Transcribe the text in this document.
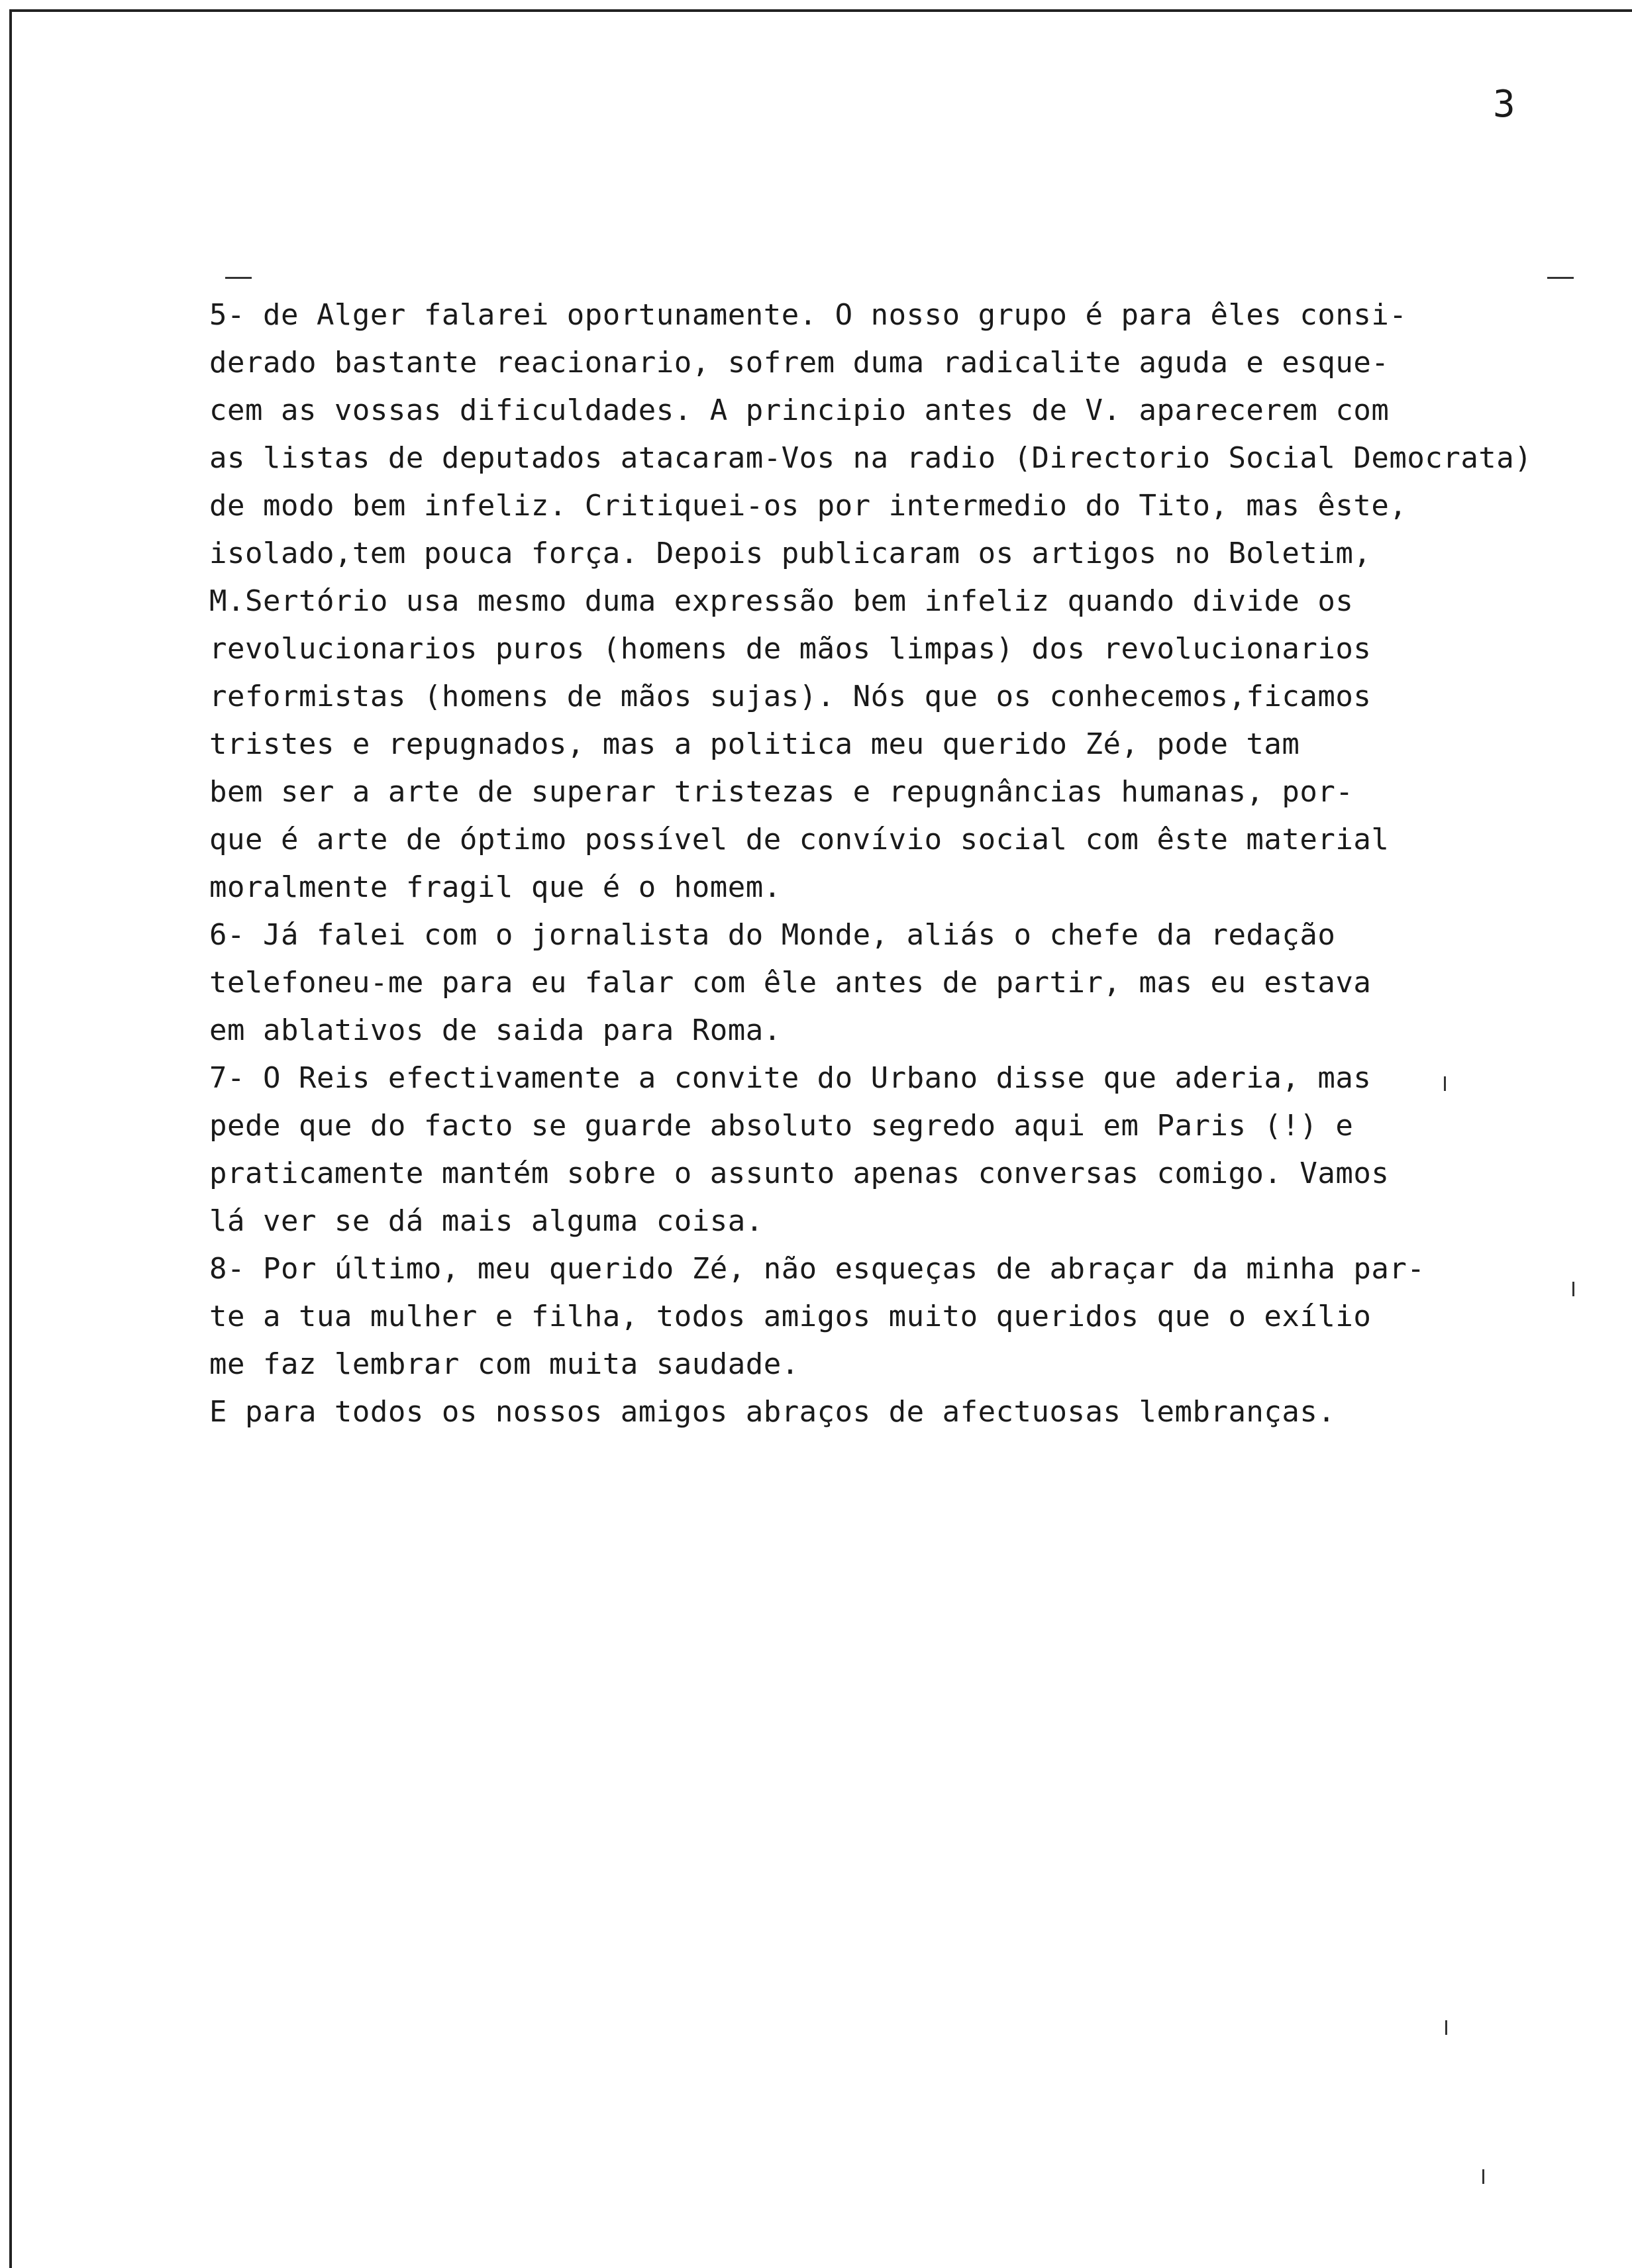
3
5- de Alger falarei oportunamente. O nosso grupo é para êles consi-
derado bastante reacionario, sofrem duma radicalite aguda e esque-
cem as vossas dificuldades. A principio antes de V. aparecerem com
as listas de deputados atacaram-Vos na radio (Directorio Social Democrata)
de modo bem infeliz. Critiquei-os por intermedio do Tito, mas êste,
isolado,tem pouca força. Depois publicaram os artigos no Boletim,
M.Sertório usa mesmo duma expressão bem infeliz quando divide os
revolucionarios puros (homens de mãos limpas) dos revolucionarios
reformistas (homens de mãos sujas). Nós que os conhecemos,ficamos
tristes e repugnados, mas a politica meu querido Zé, pode tam
bem ser a arte de superar tristezas e repugnâncias humanas, por-
que é arte de óptimo possível de convívio social com êste material
moralmente fragil que é o homem.
6- Já falei com o jornalista do Monde, aliás o chefe da redação
telefoneu-me para eu falar com êle antes de partir, mas eu estava
em ablativos de saida para Roma.
7- O Reis efectivamente a convite do Urbano disse que aderia, mas
pede que do facto se guarde absoluto segredo aqui em Paris (!) e
praticamente mantém sobre o assunto apenas conversas comigo. Vamos
lá ver se dá mais alguma coisa.
8- Por último, meu querido Zé, não esqueças de abraçar da minha par-
te a tua mulher e filha, todos amigos muito queridos que o exílio
me faz lembrar com muita saudade.
E para todos os nossos amigos abraços de afectuosas lembranças.
